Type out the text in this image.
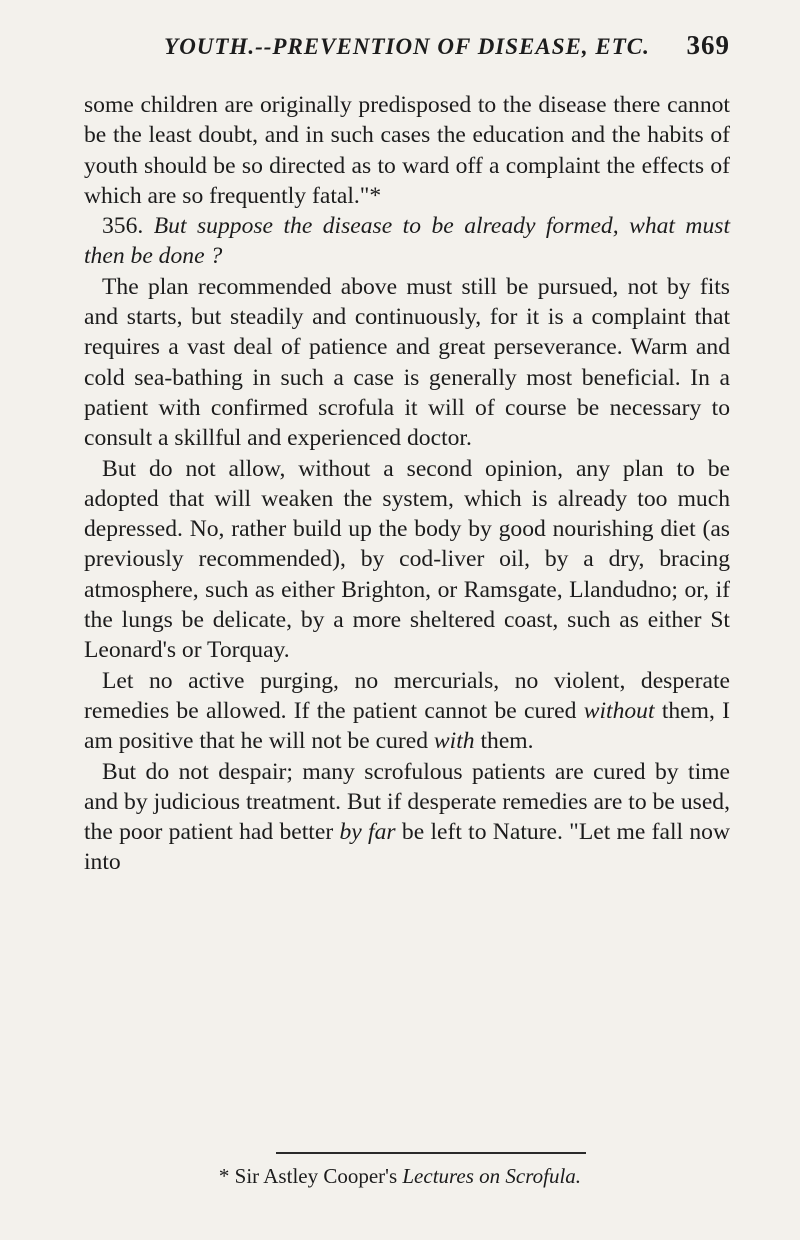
YOUTH.--PREVENTION OF DISEASE, ETC. 369

some children are originally predisposed to the disease there cannot be the least doubt, and in such cases the education and the habits of youth should be so directed as to ward off a complaint the effects of which are so frequently fatal."*

356. But suppose the disease to be already formed, what must then be done ?

The plan recommended above must still be pursued, not by fits and starts, but steadily and continuously, for it is a complaint that requires a vast deal of patience and great perseverance. Warm and cold sea-bathing in such a case is generally most beneficial. In a patient with confirmed scrofula it will of course be necessary to consult a skillful and experienced doctor.

But do not allow, without a second opinion, any plan to be adopted that will weaken the system, which is already too much depressed. No, rather build up the body by good nourishing diet (as previously recommended), by cod-liver oil, by a dry, bracing atmosphere, such as either Brighton, or Ramsgate, Llandudno; or, if the lungs be delicate, by a more sheltered coast, such as either St Leonard's or Torquay.

Let no active purging, no mercurials, no violent, desperate remedies be allowed. If the patient cannot be cured without them, I am positive that he will not be cured with them.

But do not despair; many scrofulous patients are cured by time and by judicious treatment. But if desperate remedies are to be used, the poor patient had better by far be left to Nature. "Let me fall now into

* Sir Astley Cooper's Lectures on Scrofula.
